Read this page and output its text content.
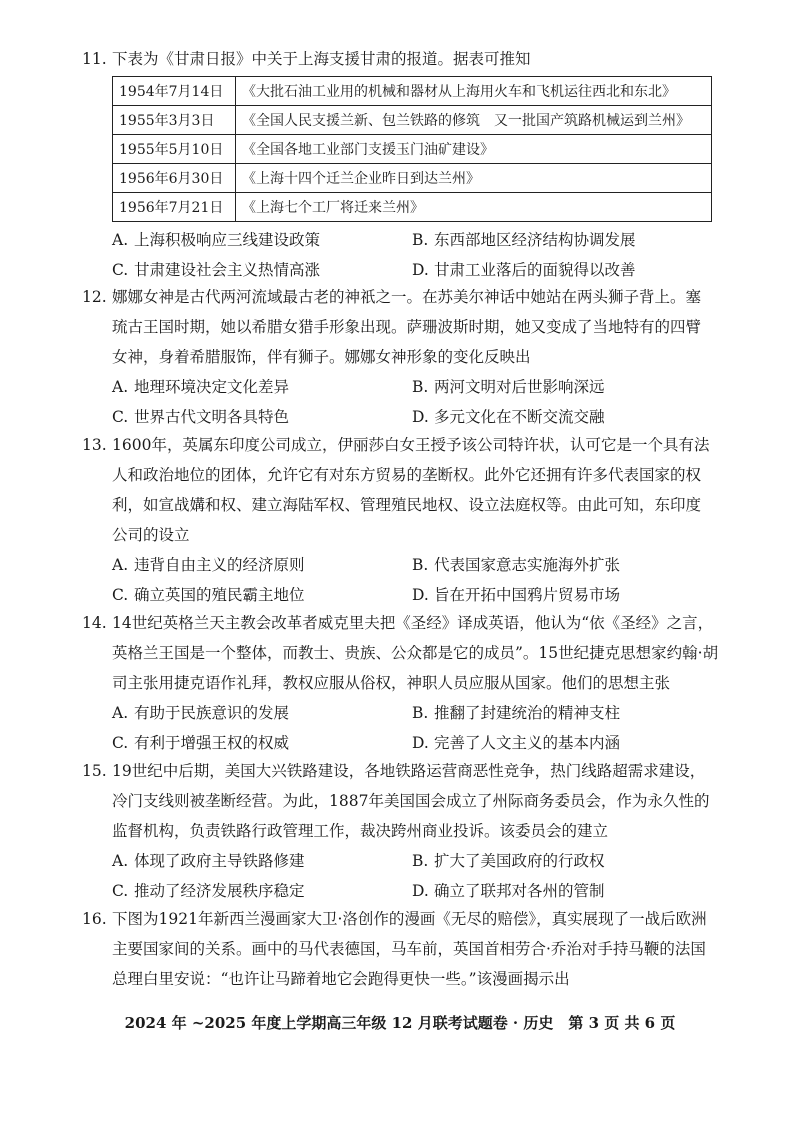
11. 下表为《甘肃日报》中关于上海支援甘肃的报道。据表可推知
1954年7月14日	《大批石油工业用的机械和器材从上海用火车和飞机运往西北和东北》
1955年3月3日	《全国人民支援兰新、包兰铁路的修筑　又一批国产筑路机械运到兰州》
1955年5月10日	《全国各地工业部门支援玉门油矿建设》
1956年6月30日	《上海十四个迁兰企业昨日到达兰州》
1956年7月21日	《上海七个工厂将迁来兰州》
A. 上海积极响应三线建设政策	B. 东西部地区经济结构协调发展
C. 甘肃建设社会主义热情高涨	D. 甘肃工业落后的面貌得以改善
12. 娜娜女神是古代两河流域最古老的神祇之一。在苏美尔神话中她站在两头狮子背上。塞
琉古王国时期，她以希腊女猎手形象出现。萨珊波斯时期，她又变成了当地特有的四臂
女神，身着希腊服饰，伴有狮子。娜娜女神形象的变化反映出
A. 地理环境决定文化差异	B. 两河文明对后世影响深远
C. 世界古代文明各具特色	D. 多元文化在不断交流交融
13. 1600年，英属东印度公司成立，伊丽莎白女王授予该公司特许状，认可它是一个具有法
人和政治地位的团体，允许它有对东方贸易的垄断权。此外它还拥有许多代表国家的权
利，如宣战媾和权、建立海陆军权、管理殖民地权、设立法庭权等。由此可知，东印度
公司的设立
A. 违背自由主义的经济原则	B. 代表国家意志实施海外扩张
C. 确立英国的殖民霸主地位	D. 旨在开拓中国鸦片贸易市场
14. 14世纪英格兰天主教会改革者威克里夫把《圣经》译成英语，他认为“依《圣经》之言，
英格兰王国是一个整体，而教士、贵族、公众都是它的成员”。15世纪捷克思想家约翰·胡
司主张用捷克语作礼拜，教权应服从俗权，神职人员应服从国家。他们的思想主张
A. 有助于民族意识的发展	B. 推翻了封建统治的精神支柱
C. 有利于增强王权的权威	D. 完善了人文主义的基本内涵
15. 19世纪中后期，美国大兴铁路建设，各地铁路运营商恶性竞争，热门线路超需求建设，
冷门支线则被垄断经营。为此，1887年美国国会成立了州际商务委员会，作为永久性的
监督机构，负责铁路行政管理工作，裁决跨州商业投诉。该委员会的建立
A. 体现了政府主导铁路修建	B. 扩大了美国政府的行政权
C. 推动了经济发展秩序稳定	D. 确立了联邦对各州的管制
16. 下图为1921年新西兰漫画家大卫·洛创作的漫画《无尽的赔偿》，真实展现了一战后欧洲
主要国家间的关系。画中的马代表德国，马车前，英国首相劳合·乔治对手持马鞭的法国
总理白里安说：“也许让马蹄着地它会跑得更快一些。”该漫画揭示出
2024 年 ~2025 年度上学期高三年级 12 月联考试题卷 · 历史　第 3 页 共 6 页
